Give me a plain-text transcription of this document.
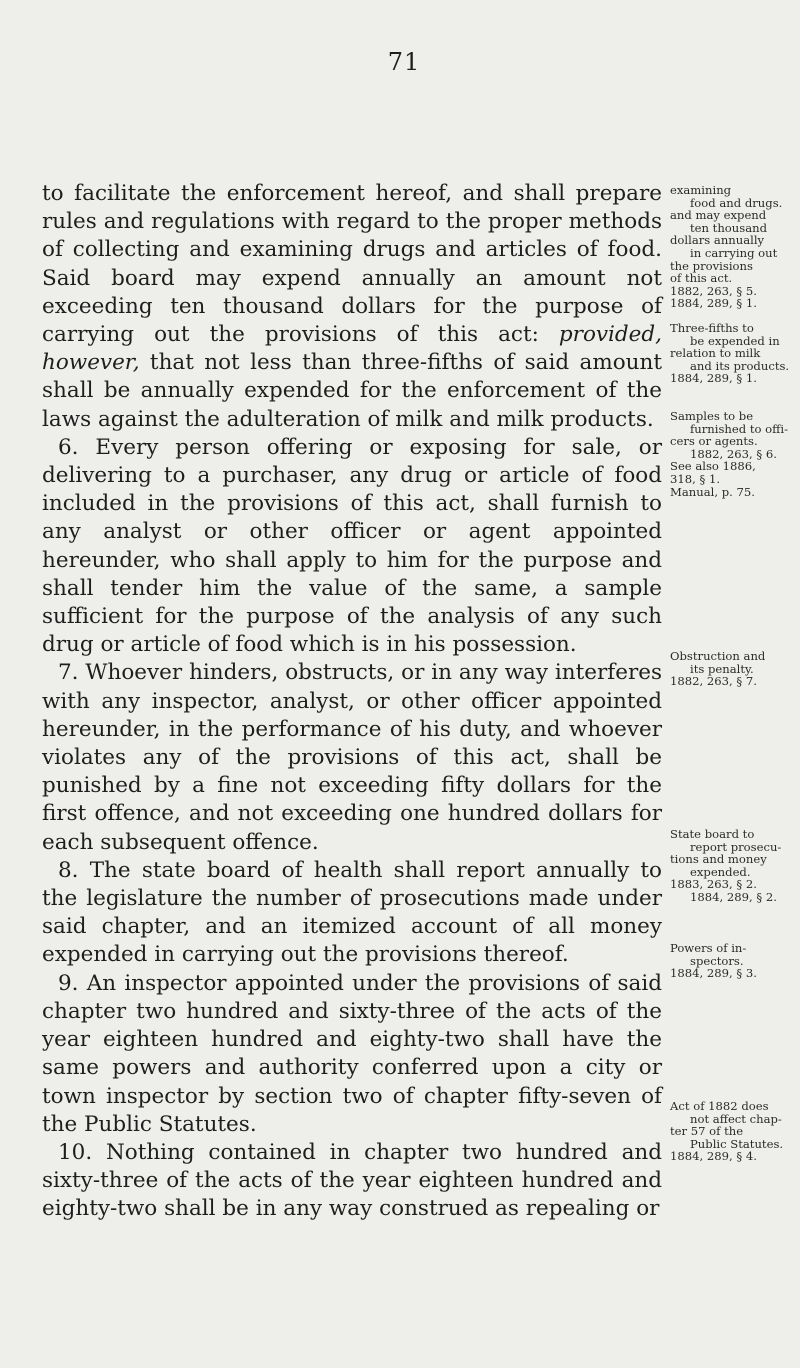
71

to facilitate the enforcement hereof, and shall prepare rules and regulations with regard to the proper methods of collecting and examining drugs and articles of food. Said board may expend annually an amount not exceeding ten thousand dollars for the purpose of carrying out the provisions of this act: provided, however, that not less than three-fifths of said amount shall be annually expended for the enforcement of the laws against the adulteration of milk and milk products.

6. Every person offering or exposing for sale, or delivering to a purchaser, any drug or article of food included in the provisions of this act, shall furnish to any analyst or other officer or agent appointed hereunder, who shall apply to him for the purpose and shall tender him the value of the same, a sample sufficient for the purpose of the analysis of any such drug or article of food which is in his possession.

7. Whoever hinders, obstructs, or in any way interferes with any inspector, analyst, or other officer appointed hereunder, in the performance of his duty, and whoever violates any of the provisions of this act, shall be punished by a fine not exceeding fifty dollars for the first offence, and not exceeding one hundred dollars for each subsequent offence.

8. The state board of health shall report annually to the legislature the number of prosecutions made under said chapter, and an itemized account of all money expended in carrying out the provisions thereof.

9. An inspector appointed under the provisions of said chapter two hundred and sixty-three of the acts of the year eighteen hundred and eighty-two shall have the same powers and authority conferred upon a city or town inspector by section two of chapter fifty-seven of the Public Statutes.

10. Nothing contained in chapter two hundred and sixty-three of the acts of the year eighteen hundred and eighty-two shall be in any way construed as repealing or

examining
food and drugs.
and may expend
ten thousand
dollars annually
in carrying out
the provisions
of this act.
1882, 263, § 5.
1884, 289, § 1.
Three-fifths to
be expended in
relation to milk
and its products.
1884, 289, § 1.
Samples to be
furnished to offi-
cers or agents.
1882, 263, § 6.
See also 1886,
318, § 1.
Manual, p. 75.
Obstruction and
its penalty.
1882, 263, § 7.
State board to
report prosecu-
tions and money
expended.
1883, 263, § 2.
1884, 289, § 2.
Powers of in-
spectors.
1884, 289, § 3.
Act of 1882 does
not affect chap-
ter 57 of the
Public Statutes.
1884, 289, § 4.
